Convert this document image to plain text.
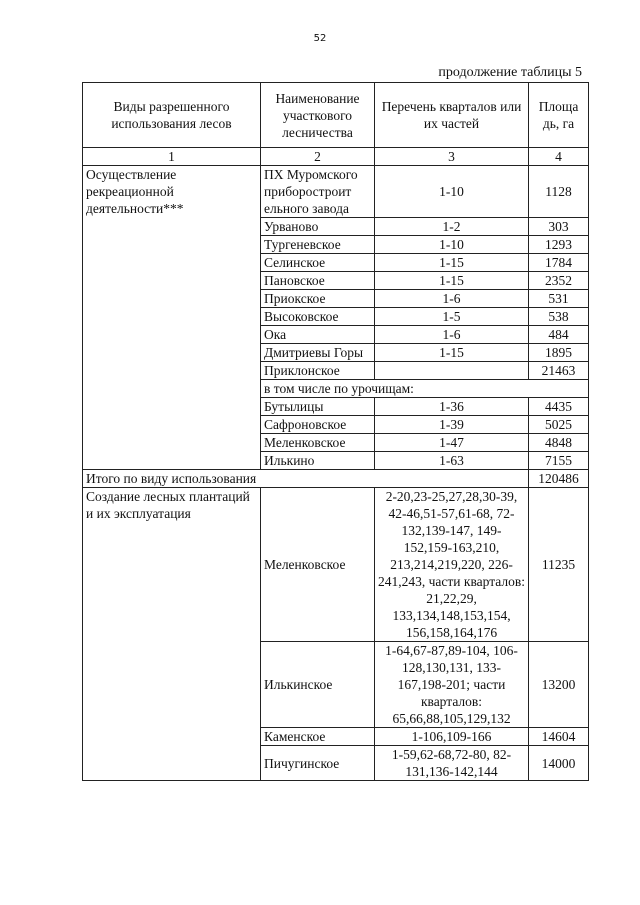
52
продолжение таблицы 5
Виды разрешенного использования лесов	Наименование участкового лесничества	Перечень кварталов или их частей	Площа дь, га
1	2	3	4
Осуществление рекреационной деятельности***	ПХ Муромского приборостроит ельного завода	1-10	1128
	Урваново	1-2	303
	Тургеневское	1-10	1293
	Селинское	1-15	1784
	Пановское	1-15	2352
	Приокское	1-6	531
	Высоковское	1-5	538
	Ока	1-6	484
	Дмитриевы Горы	1-15	1895
	Приклонское		21463
	в том числе по урочищам:		
	Бутылицы	1-36	4435
	Сафроновское	1-39	5025
	Меленковское	1-47	4848
	Илькино	1-63	7155
Итого по виду использования			120486
Создание лесных плантаций и их эксплуатация	Меленковское	2-20,23-25,27,28,30-39, 42-46,51-57,61-68, 72-132,139-147, 149-152,159-163,210, 213,214,219,220, 226-241,243, части кварталов: 21,22,29, 133,134,148,153,154, 156,158,164,176	11235
	Илькинское	1-64,67-87,89-104, 106-128,130,131, 133-167,198-201; части кварталов: 65,66,88,105,129,132	13200
	Каменское	1-106,109-166	14604
	Пичугинское	1-59,62-68,72-80, 82-131,136-142,144	14000
